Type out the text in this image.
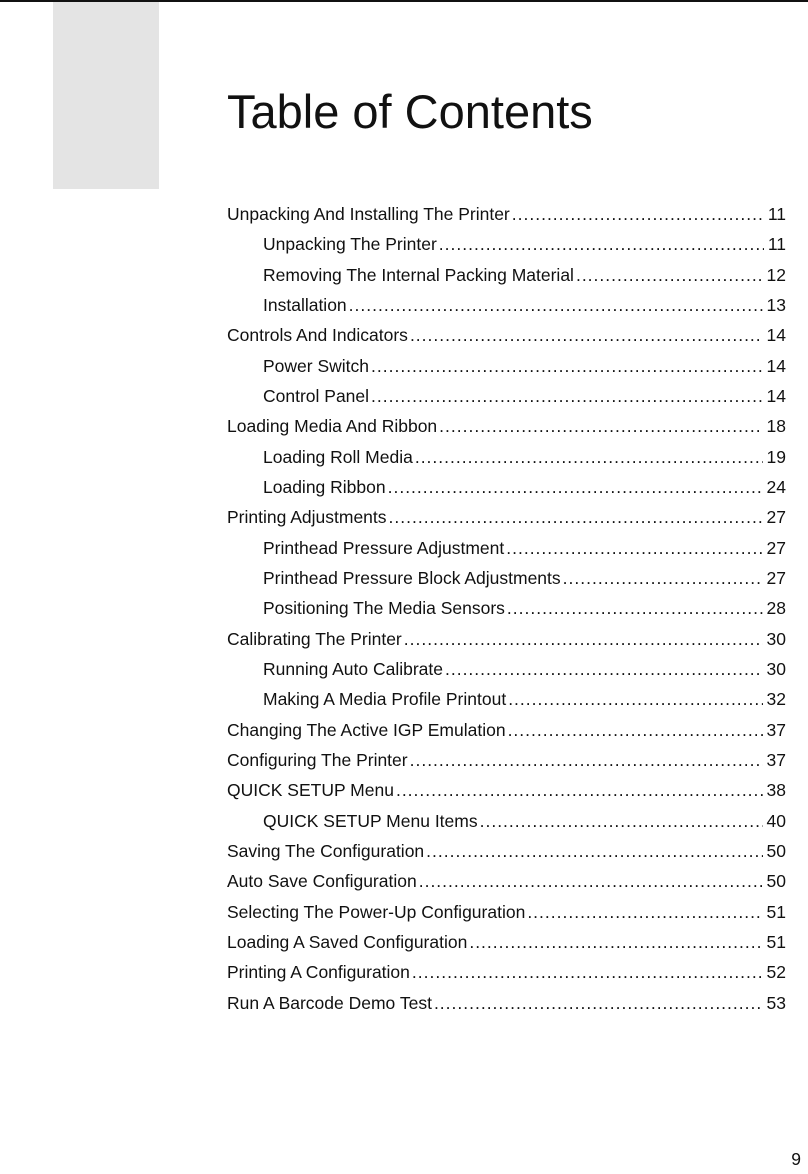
Table of Contents
Unpacking And Installing The Printer .....	11
Unpacking The Printer .....	11
Removing The Internal Packing Material .....	12
Installation .....	13
Controls And Indicators .....	14
Power Switch .....	14
Control Panel .....	14
Loading Media And Ribbon .....	18
Loading Roll Media .....	19
Loading Ribbon .....	24
Printing Adjustments .....	27
Printhead Pressure Adjustment .....	27
Printhead Pressure Block Adjustments .....	27
Positioning The Media Sensors .....	28
Calibrating The Printer .....	30
Running Auto Calibrate .....	30
Making A Media Profile Printout .....	32
Changing The Active IGP Emulation .....	37
Configuring The Printer .....	37
QUICK SETUP Menu .....	38
QUICK SETUP Menu Items .....	40
Saving The Configuration .....	50
Auto Save Configuration .....	50
Selecting The Power-Up Configuration .....	51
Loading A Saved Configuration .....	51
Printing A Configuration .....	52
Run A Barcode Demo Test .....	53
9
